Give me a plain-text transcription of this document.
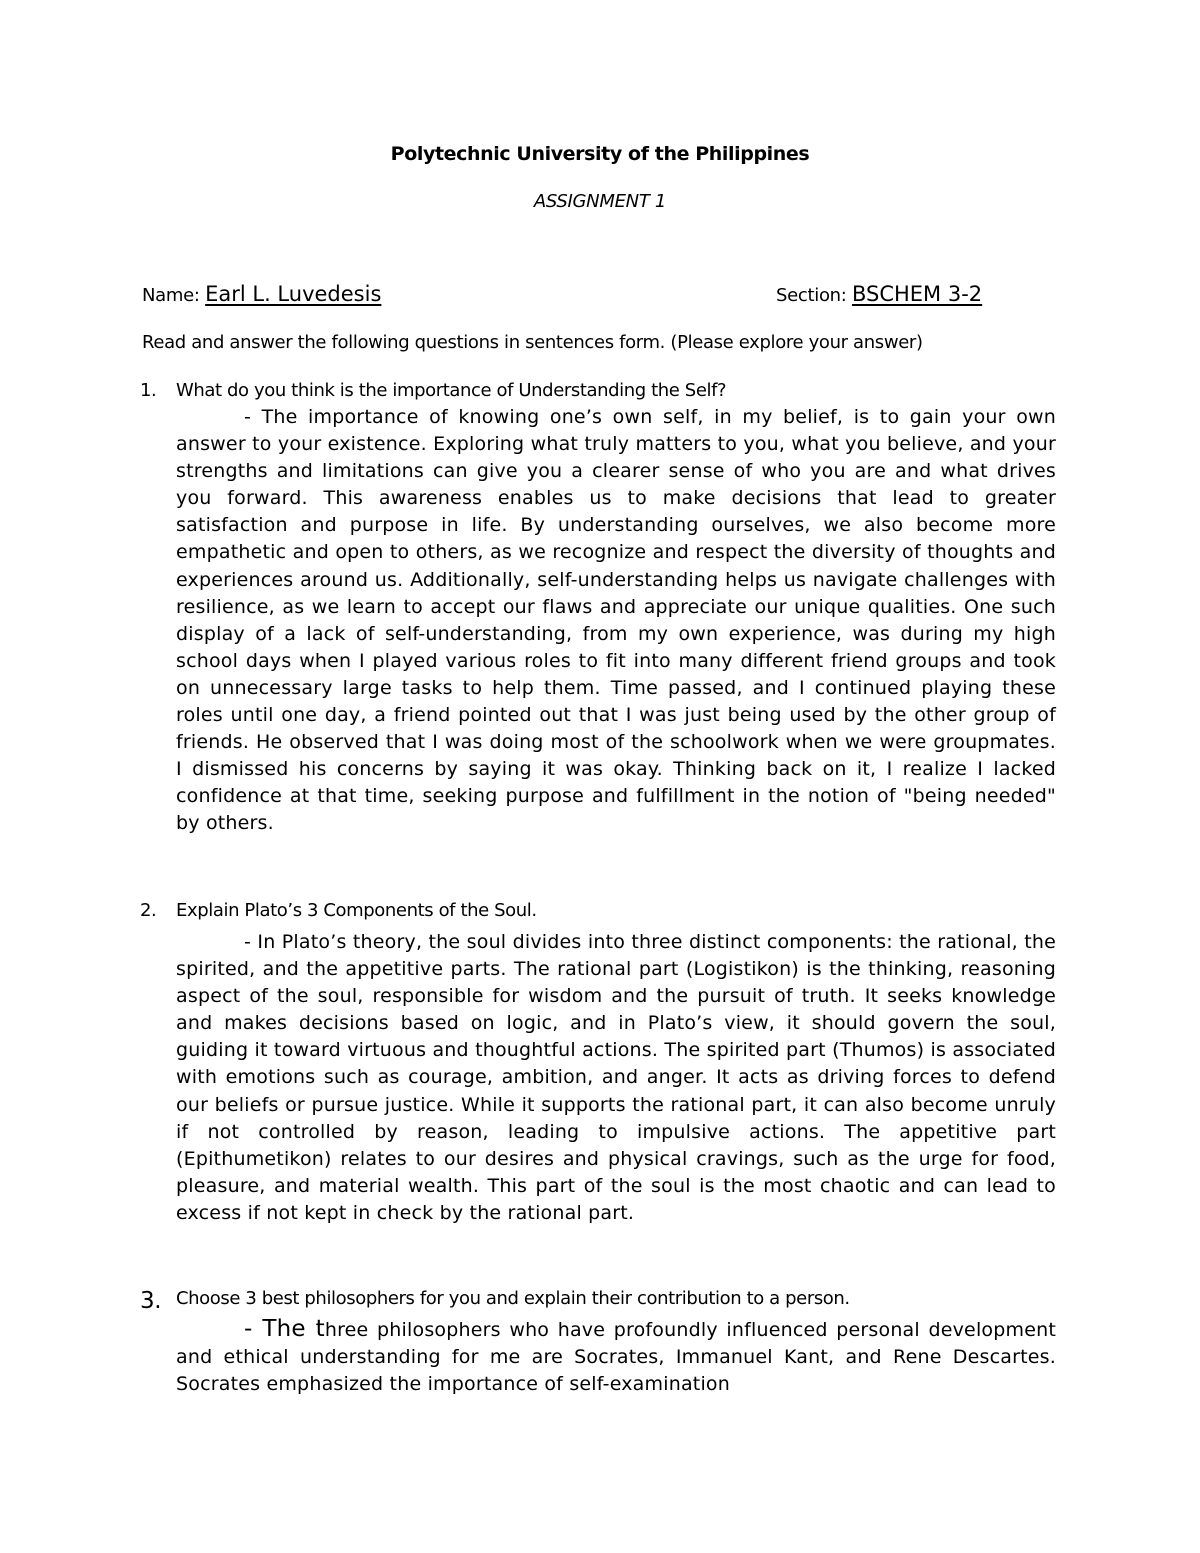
Polytechnic University of the Philippines
ASSIGNMENT 1
Name: Earl L. Luvedesis	Section: BSCHEM 3-2
Read and answer the following questions in sentences form. (Please explore your answer)
1. What do you think is the importance of Understanding the Self?

- The importance of knowing one’s own self, in my belief, is to gain your own answer to your existence. Exploring what truly matters to you, what you believe, and your strengths and limitations can give you a clearer sense of who you are and what drives you forward. This awareness enables us to make decisions that lead to greater satisfaction and purpose in life. By understanding ourselves, we also become more empathetic and open to others, as we recognize and respect the diversity of thoughts and experiences around us. Additionally, self-understanding helps us navigate challenges with resilience, as we learn to accept our flaws and appreciate our unique qualities. One such display of a lack of self-understanding, from my own experience, was during my high school days when I played various roles to fit into many different friend groups and took on unnecessary large tasks to help them. Time passed, and I continued playing these roles until one day, a friend pointed out that I was just being used by the other group of friends. He observed that I was doing most of the schoolwork when we were groupmates. I dismissed his concerns by saying it was okay. Thinking back on it, I realize I lacked confidence at that time, seeking purpose and fulfillment in the notion of "being needed" by others.

2. Explain Plato’s 3 Components of the Soul.

- In Plato’s theory, the soul divides into three distinct components: the rational, the spirited, and the appetitive parts. The rational part (Logistikon) is the thinking, reasoning aspect of the soul, responsible for wisdom and the pursuit of truth. It seeks knowledge and makes decisions based on logic, and in Plato’s view, it should govern the soul, guiding it toward virtuous and thoughtful actions. The spirited part (Thumos) is associated with emotions such as courage, ambition, and anger. It acts as driving forces to defend our beliefs or pursue justice. While it supports the rational part, it can also become unruly if not controlled by reason, leading to impulsive actions. The appetitive part (Epithumetikon) relates to our desires and physical cravings, such as the urge for food, pleasure, and material wealth. This part of the soul is the most chaotic and can lead to excess if not kept in check by the rational part.

3. Choose 3 best philosophers for you and explain their contribution to a person.

- The three philosophers who have profoundly influenced personal development and ethical understanding for me are Socrates, Immanuel Kant, and Rene Descartes. Socrates emphasized the importance of self-examination
